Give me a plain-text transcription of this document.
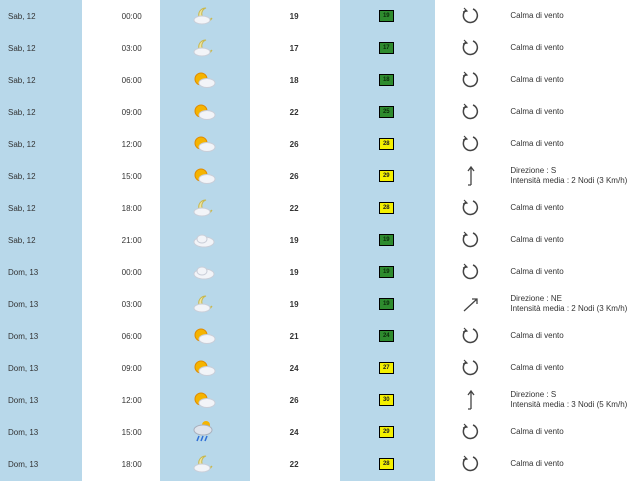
Sab, 12	00:00		19	19		Calma di vento

Sab, 12	03:00		17	17		Calma di vento

Sab, 12	06:00		18	18		Calma di vento

Sab, 12	09:00		22	25		Calma di vento

Sab, 12	12:00		26	28		Calma di vento

Sab, 12	15:00		26	29		Direzione : S
Intensità media : 2 Nodi (3 Km/h)

Sab, 12	18:00		22	28		Calma di vento

Sab, 12	21:00		19	19		Calma di vento

Dom, 13	00:00		19	19		Calma di vento

Dom, 13	03:00		19	19		Direzione : NE
Intensità media : 2 Nodi (3 Km/h)

Dom, 13	06:00		21	24		Calma di vento

Dom, 13	09:00		24	27		Calma di vento

Dom, 13	12:00		26	30		Direzione : S
Intensità media : 3 Nodi (5 Km/h)

Dom, 13	15:00		24	29		Calma di vento

Dom, 13	18:00		22	28		Calma di vento
